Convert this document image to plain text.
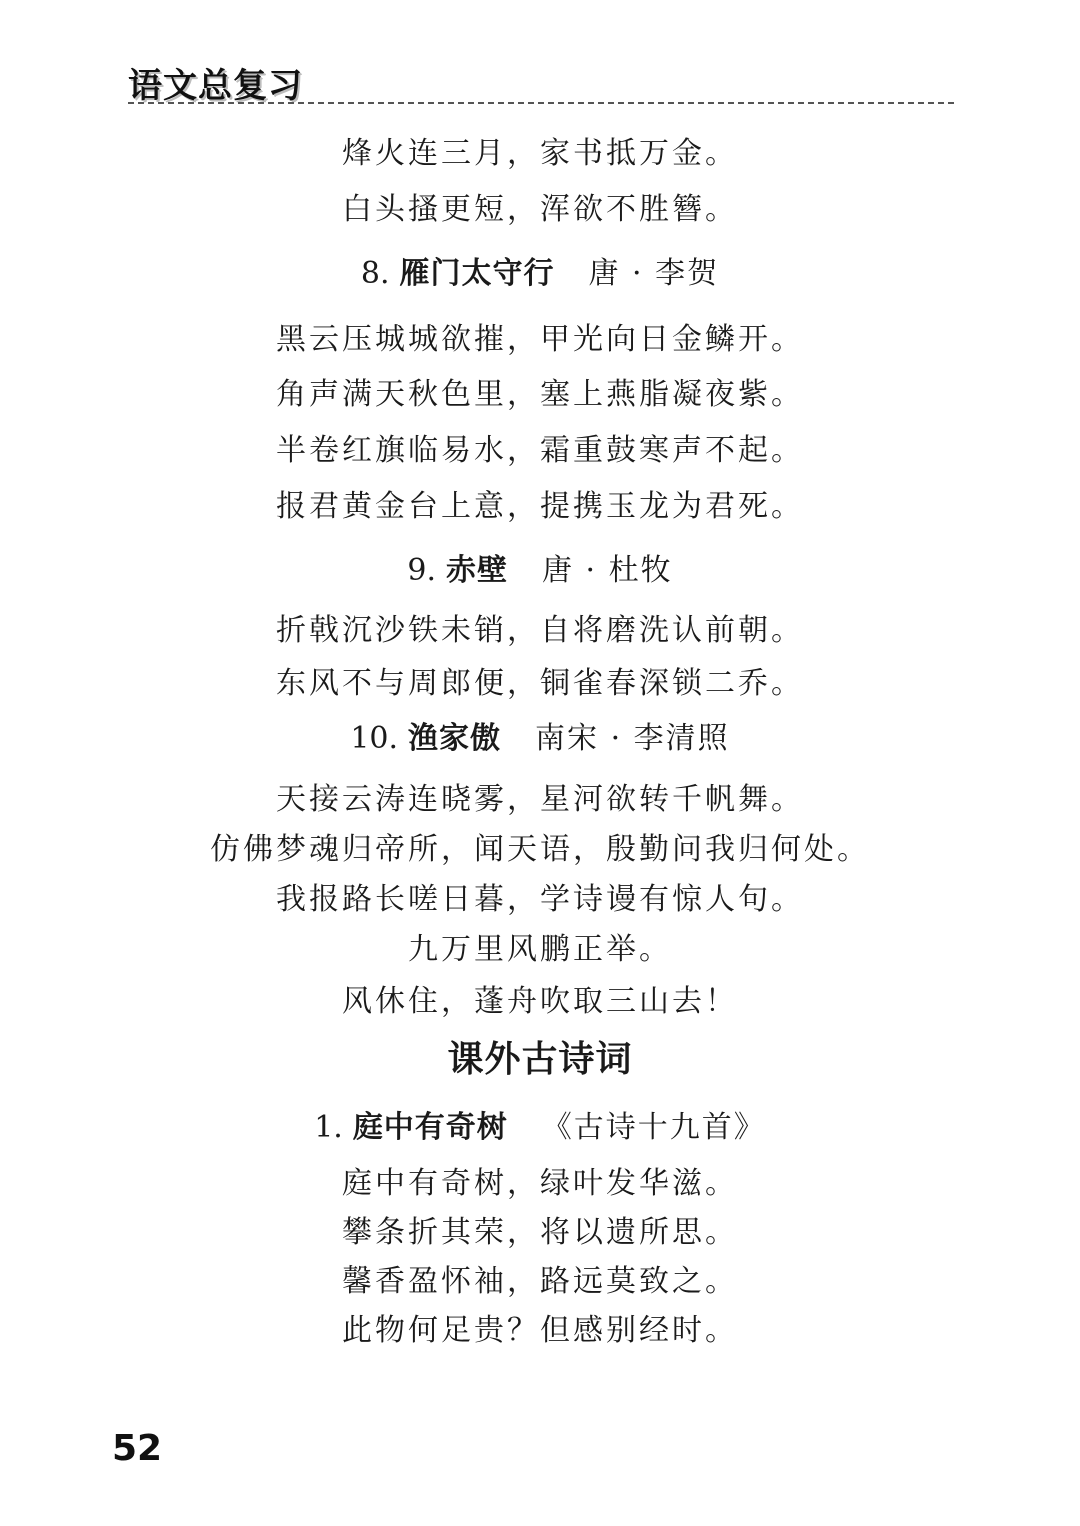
语文总复习
烽火连三月，家书抵万金。
白头搔更短，浑欲不胜簪。
8. 雁门太守行 唐 · 李贺
黑云压城城欲摧，甲光向日金鳞开。
角声满天秋色里，塞上燕脂凝夜紫。
半卷红旗临易水，霜重鼓寒声不起。
报君黄金台上意，提携玉龙为君死。
9. 赤壁 唐 · 杜牧
折戟沉沙铁未销，自将磨洗认前朝。
东风不与周郎便，铜雀春深锁二乔。
10. 渔家傲 南宋 · 李清照
天接云涛连晓雾，星河欲转千帆舞。
仿佛梦魂归帝所，闻天语，殷勤问我归何处。
我报路长嗟日暮，学诗谩有惊人句。
九万里风鹏正举。
风休住，蓬舟吹取三山去！
课外古诗词
1. 庭中有奇树 《古诗十九首》
庭中有奇树，绿叶发华滋。
攀条折其荣，将以遗所思。
馨香盈怀袖，路远莫致之。
此物何足贵？但感别经时。
52
